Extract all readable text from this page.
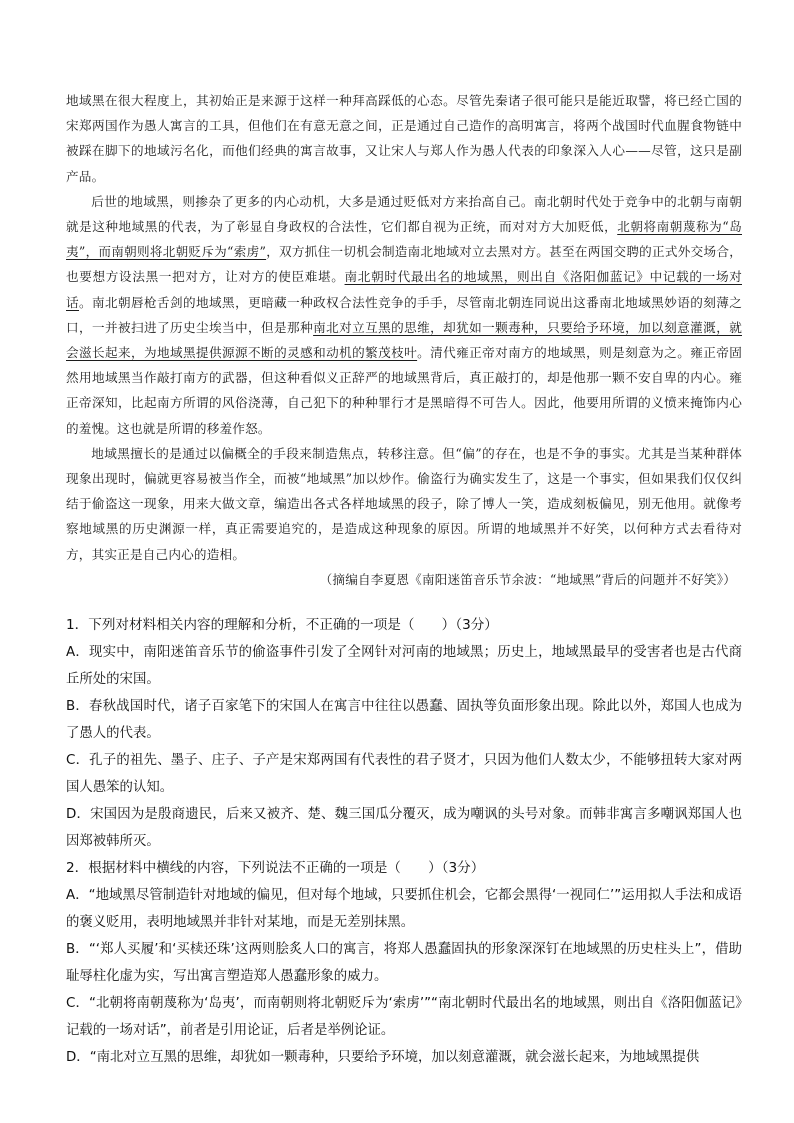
地域黑在很大程度上，其初始正是来源于这样一种拜高踩低的心态。尽管先秦诸子很可能只是能近取譬，将已经亡国的宋郑两国作为愚人寓言的工具，但他们在有意无意之间，正是通过自己造作的高明寓言，将两个战国时代血腥食物链中被踩在脚下的地域污名化，而他们经典的寓言故事，又让宋人与郑人作为愚人代表的印象深入人心——尽管，这只是副产品。

后世的地域黑，则掺杂了更多的内心动机，大多是通过贬低对方来抬高自己。南北朝时代处于竞争中的北朝与南朝就是这种地域黑的代表，为了彰显自身政权的合法性，它们都自视为正统，而对对方大加贬低，北朝将南朝蔑称为“岛夷”，而南朝则将北朝贬斥为“索虏”，双方抓住一切机会制造南北地域对立去黑对方。甚至在两国交聘的正式外交场合，也要想方设法黑一把对方，让对方的使臣难堪。南北朝时代最出名的地域黑，则出自《洛阳伽蓝记》中记载的一场对话。南北朝唇枪舌剑的地域黑，更暗藏一种政权合法性竞争的手手，尽管南北朝连同说出这番南北地域黑妙语的刻薄之口，一并被扫进了历史尘埃当中，但是那种南北对立互黑的思维，却犹如一颗毒种，只要给予环境，加以刻意灌溉，就会滋长起来，为地域黑提供源源不断的灵感和动机的繁茂枝叶。清代雍正帝对南方的地域黑，则是刻意为之。雍正帝固然用地域黑当作敲打南方的武器，但这种看似义正辞严的地域黑背后，真正敲打的，却是他那一颗不安自卑的内心。雍正帝深知，比起南方所谓的风俗浇薄，自己犯下的种种罪行才是黑暗得不可告人。因此，他要用所谓的义愤来掩饰内心的羞愧。这也就是所谓的移羞作怒。

地域黑擅长的是通过以偏概全的手段来制造焦点，转移注意。但“偏”的存在，也是不争的事实。尤其是当某种群体现象出现时，偏就更容易被当作全，而被“地域黑”加以炒作。偷盗行为确实发生了，这是一个事实，但如果我们仅仅纠结于偷盗这一现象，用来大做文章，编造出各式各样地域黑的段子，除了博人一笑，造成刻板偏见，别无他用。就像考察地域黑的历史渊源一样，真正需要追究的，是造成这种现象的原因。所谓的地域黑并不好笑，以何种方式去看待对方，其实正是自己内心的造相。

（摘编自李夏恩《南阳迷笛音乐节余波：“地域黑”背后的问题并不好笑》）

1．下列对材料相关内容的理解和分析，不正确的一项是（　　）（3分）

A．现实中，南阳迷笛音乐节的偷盗事件引发了全网针对河南的地域黑；历史上，地域黑最早的受害者也是古代商丘所处的宋国。

B．春秋战国时代，诸子百家笔下的宋国人在寓言中往往以愚蠢、固执等负面形象出现。除此以外，郑国人也成为了愚人的代表。

C．孔子的祖先、墨子、庄子、子产是宋郑两国有代表性的君子贤才，只因为他们人数太少，不能够扭转大家对两国人愚笨的认知。

D．宋国因为是殷商遗民，后来又被齐、楚、魏三国瓜分覆灭，成为嘲讽的头号对象。而韩非寓言多嘲讽郑国人也因郑被韩所灭。

2．根据材料中横线的内容，下列说法不正确的一项是（　　）（3分）

A．“地域黑尽管制造针对地域的偏见，但对每个地域，只要抓住机会，它都会黑得‘一视同仁’”运用拟人手法和成语的褒义贬用，表明地域黑并非针对某地，而是无差别抹黑。

B．“‘郑人买履’和‘买椟还珠’这两则脍炙人口的寓言，将郑人愚蠢固执的形象深深钉在地域黑的历史柱头上”，借助耻辱柱化虚为实，写出寓言塑造郑人愚蠢形象的威力。

C．“北朝将南朝蔑称为‘岛夷’，而南朝则将北朝贬斥为‘索虏’”“南北朝时代最出名的地域黑，则出自《洛阳伽蓝记》记载的一场对话”，前者是引用论证，后者是举例论证。

D．“南北对立互黑的思维，却犹如一颗毒种，只要给予环境，加以刻意灌溉，就会滋长起来，为地域黑提供
